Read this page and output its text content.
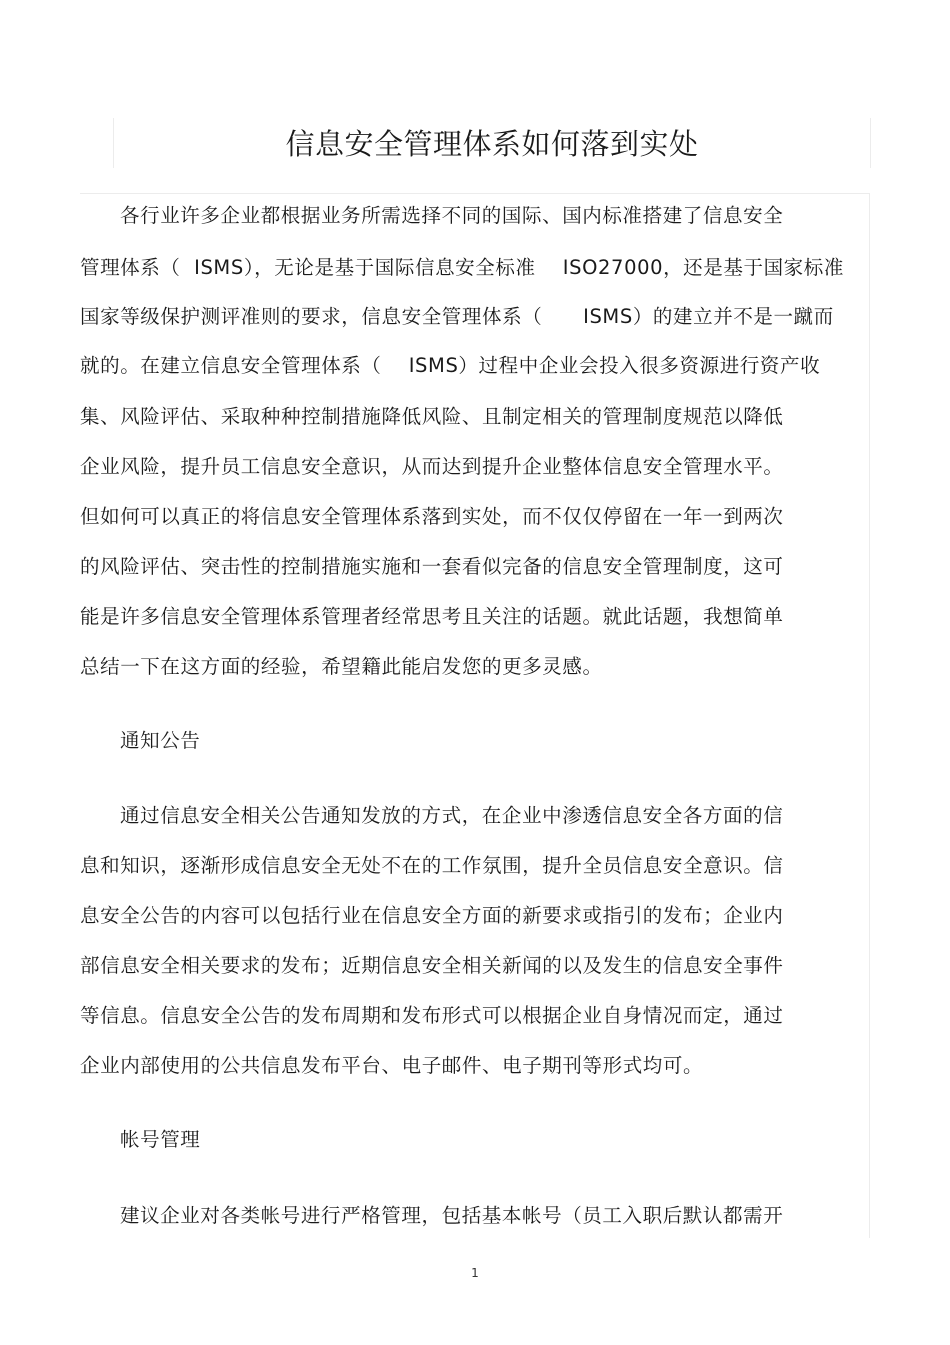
信息安全管理体系如何落到实处
各行业许多企业都根据业务所需选择不同的国际、国内标准搭建了信息安全
管理体系（  ISMS），无论是基于国际信息安全标准    ISO27000，还是基于国家标准
国家等级保护测评准则的要求，信息安全管理体系（      ISMS）的建立并不是一蹴而
就的。在建立信息安全管理体系（    ISMS）过程中企业会投入很多资源进行资产收
集、风险评估、采取种种控制措施降低风险、且制定相关的管理制度规范以降低
企业风险，提升员工信息安全意识，从而达到提升企业整体信息安全管理水平。
但如何可以真正的将信息安全管理体系落到实处，而不仅仅停留在一年一到两次
的风险评估、突击性的控制措施实施和一套看似完备的信息安全管理制度，这可
能是许多信息安全管理体系管理者经常思考且关注的话题。就此话题，我想简单
总结一下在这方面的经验，希望籍此能启发您的更多灵感。
通知公告
通过信息安全相关公告通知发放的方式，在企业中渗透信息安全各方面的信
息和知识，逐渐形成信息安全无处不在的工作氛围，提升全员信息安全意识。信
息安全公告的内容可以包括行业在信息安全方面的新要求或指引的发布；企业内
部信息安全相关要求的发布；近期信息安全相关新闻的以及发生的信息安全事件
等信息。信息安全公告的发布周期和发布形式可以根据企业自身情况而定，通过
企业内部使用的公共信息发布平台、电子邮件、电子期刊等形式均可。
帐号管理
建议企业对各类帐号进行严格管理，包括基本帐号（员工入职后默认都需开
1
